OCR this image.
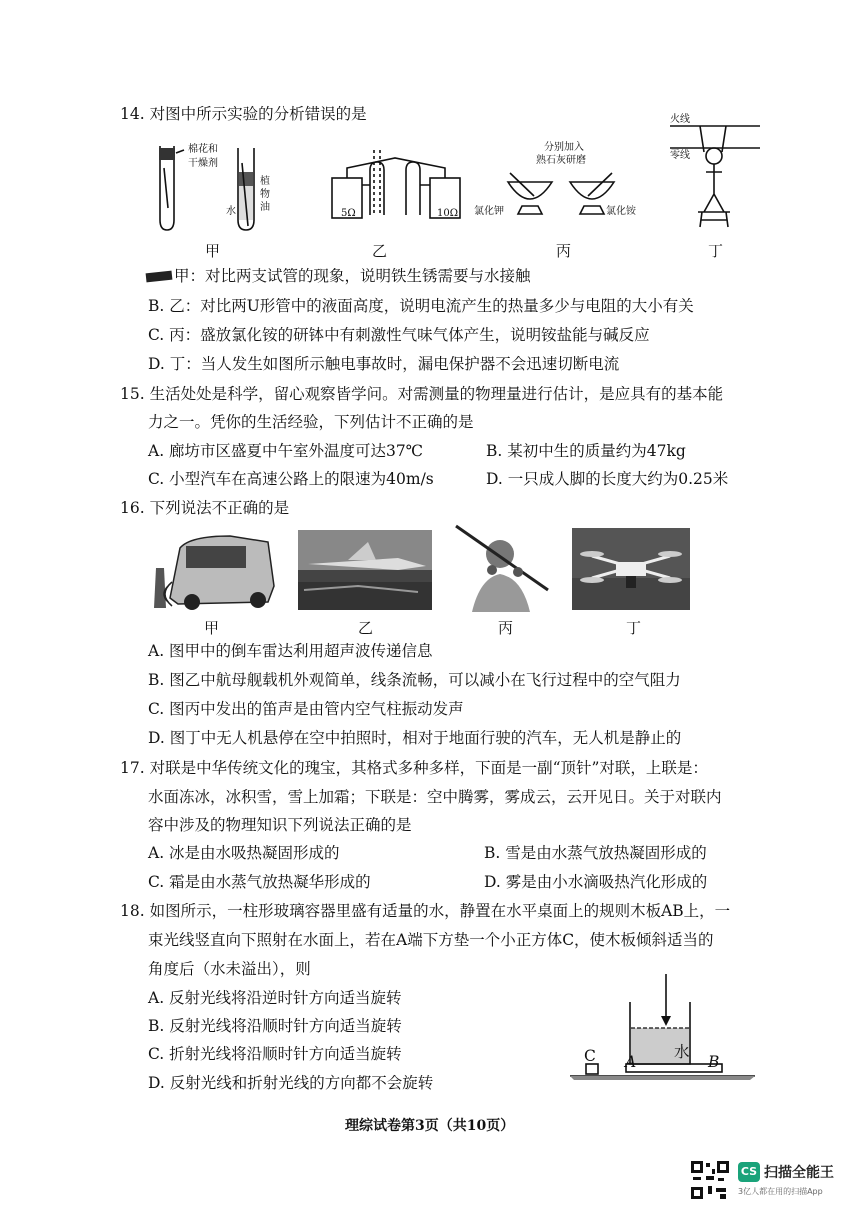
14. 对图中所示实验的分析错误的是
棉花和
干燥剂
水
植
物
油
5Ω	10Ω
分别加入
熟石灰研磨
氯化钾	氯化铵
火线
零线
甲	乙	丙	丁
甲：对比两支试管的现象，说明铁生锈需要与水接触
B. 乙：对比两U形管中的液面高度，说明电流产生的热量多少与电阻的大小有关
C. 丙：盛放氯化铵的研钵中有刺激性气味气体产生，说明铵盐能与碱反应
D. 丁：当人发生如图所示触电事故时，漏电保护器不会迅速切断电流
15. 生活处处是科学，留心观察皆学问。对需测量的物理量进行估计，是应具有的基本能
力之一。凭你的生活经验，下列估计不正确的是
A. 廊坊市区盛夏中午室外温度可达37℃	B. 某初中生的质量约为47kg
C. 小型汽车在高速公路上的限速为40m/s	D. 一只成人脚的长度大约为0.25米
16. 下列说法不正确的是
甲	乙	丙	丁
A. 图甲中的倒车雷达利用超声波传递信息
B. 图乙中航母舰载机外观简单，线条流畅，可以减小在飞行过程中的空气阻力
C. 图丙中发出的笛声是由管内空气柱振动发声
D. 图丁中无人机悬停在空中拍照时，相对于地面行驶的汽车，无人机是静止的
17. 对联是中华传统文化的瑰宝，其格式多种多样，下面是一副“顶针”对联，上联是：
水面冻冰，冰积雪，雪上加霜；下联是：空中腾雾，雾成云，云开见日。关于对联内
容中涉及的物理知识下列说法正确的是
A. 冰是由水吸热凝固形成的	B. 雪是由水蒸气放热凝固形成的
C. 霜是由水蒸气放热凝华形成的	D. 雾是由小水滴吸热汽化形成的
18. 如图所示，一柱形玻璃容器里盛有适量的水，静置在水平桌面上的规则木板AB上，一
束光线竖直向下照射在水面上，若在A端下方垫一个小正方体C，使木板倾斜适当的
角度后（水未溢出），则
A. 反射光线将沿逆时针方向适当旋转
B. 反射光线将沿顺时针方向适当旋转
C. 折射光线将沿顺时针方向适当旋转
D. 反射光线和折射光线的方向都不会旋转
C A	B
水
理综试卷第3页（共10页）
CS 扫描全能王
3亿人都在用的扫描App
